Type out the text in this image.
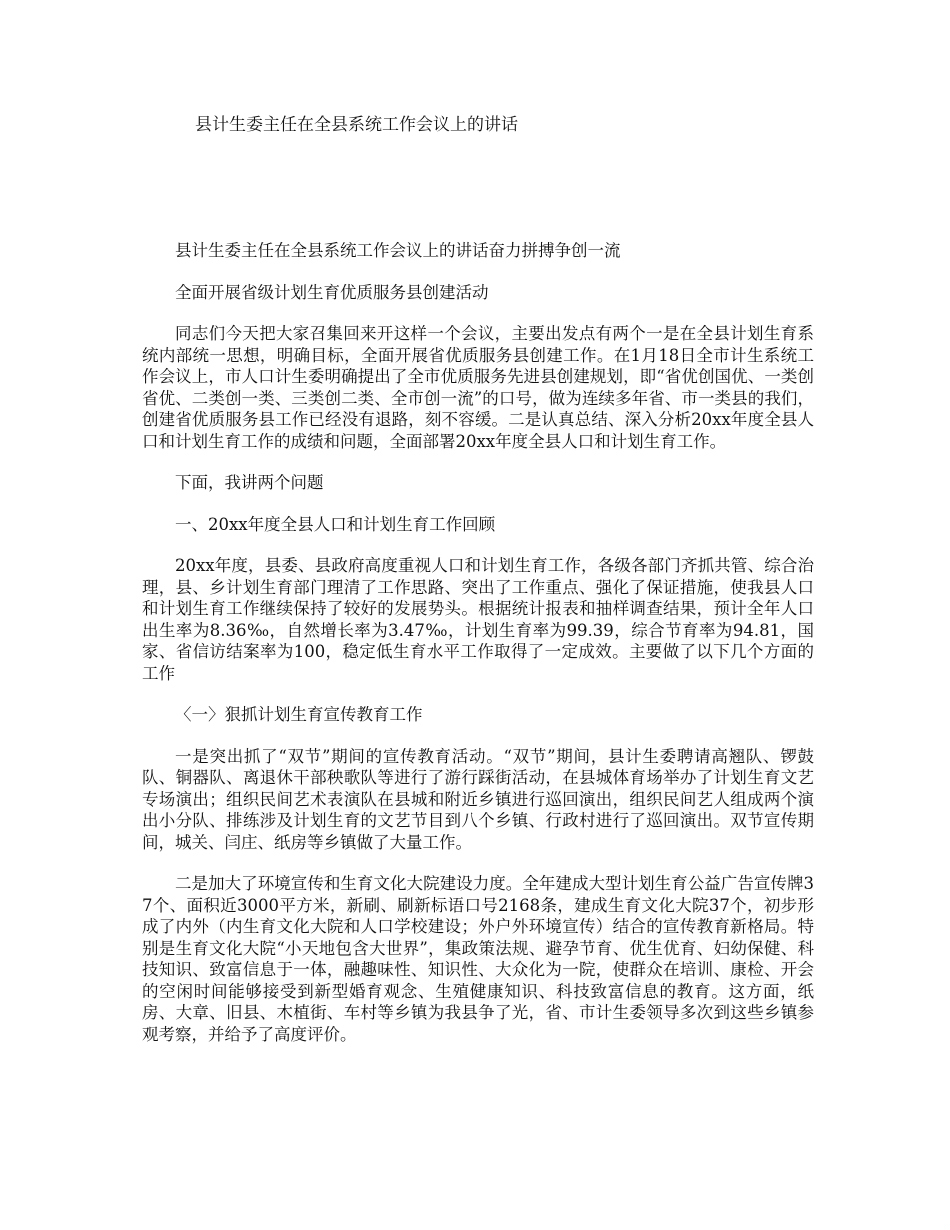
县计生委主任在全县系统工作会议上的讲话

县计生委主任在全县系统工作会议上的讲话奋力拼搏争创一流

全面开展省级计划生育优质服务县创建活动

同志们今天把大家召集回来开这样一个会议，主要出发点有两个一是在全县计划生育系统内部统一思想，明确目标，全面开展省优质服务县创建工作。在1月18日全市计生系统工作会议上，市人口计生委明确提出了全市优质服务先进县创建规划，即“省优创国优、一类创省优、二类创一类、三类创二类、全市创一流”的口号，做为连续多年省、市一类县的我们，创建省优质服务县工作已经没有退路，刻不容缓。二是认真总结、深入分析20xx年度全县人口和计划生育工作的成绩和问题，全面部署20xx年度全县人口和计划生育工作。

下面，我讲两个问题

一、20xx年度全县人口和计划生育工作回顾

20xx年度，县委、县政府高度重视人口和计划生育工作，各级各部门齐抓共管、综合治理，县、乡计划生育部门理清了工作思路、突出了工作重点、强化了保证措施，使我县人口和计划生育工作继续保持了较好的发展势头。根据统计报表和抽样调查结果，预计全年人口出生率为8.36‰，自然增长率为3.47‰，计划生育率为99.39，综合节育率为94.81，国家、省信访结案率为100，稳定低生育水平工作取得了一定成效。主要做了以下几个方面的工作

〈一〉狠抓计划生育宣传教育工作

一是突出抓了“双节”期间的宣传教育活动。“双节”期间，县计生委聘请高翘队、锣鼓队、铜器队、离退休干部秧歌队等进行了游行踩街活动，在县城体育场举办了计划生育文艺专场演出；组织民间艺术表演队在县城和附近乡镇进行巡回演出，组织民间艺人组成两个演出小分队、排练涉及计划生育的文艺节目到八个乡镇、行政村进行了巡回演出。双节宣传期间，城关、闫庄、纸房等乡镇做了大量工作。

二是加大了环境宣传和生育文化大院建设力度。全年建成大型计划生育公益广告宣传牌37个、面积近3000平方米，新刷、刷新标语口号2168条，建成生育文化大院37个，初步形成了内外（内生育文化大院和人口学校建设；外户外环境宣传）结合的宣传教育新格局。特别是生育文化大院“小天地包含大世界”，集政策法规、避孕节育、优生优育、妇幼保健、科技知识、致富信息于一体，融趣味性、知识性、大众化为一院，使群众在培训、康检、开会的空闲时间能够接受到新型婚育观念、生殖健康知识、科技致富信息的教育。这方面，纸房、大章、旧县、木植街、车村等乡镇为我县争了光，省、市计生委领导多次到这些乡镇参观考察，并给予了高度评价。
